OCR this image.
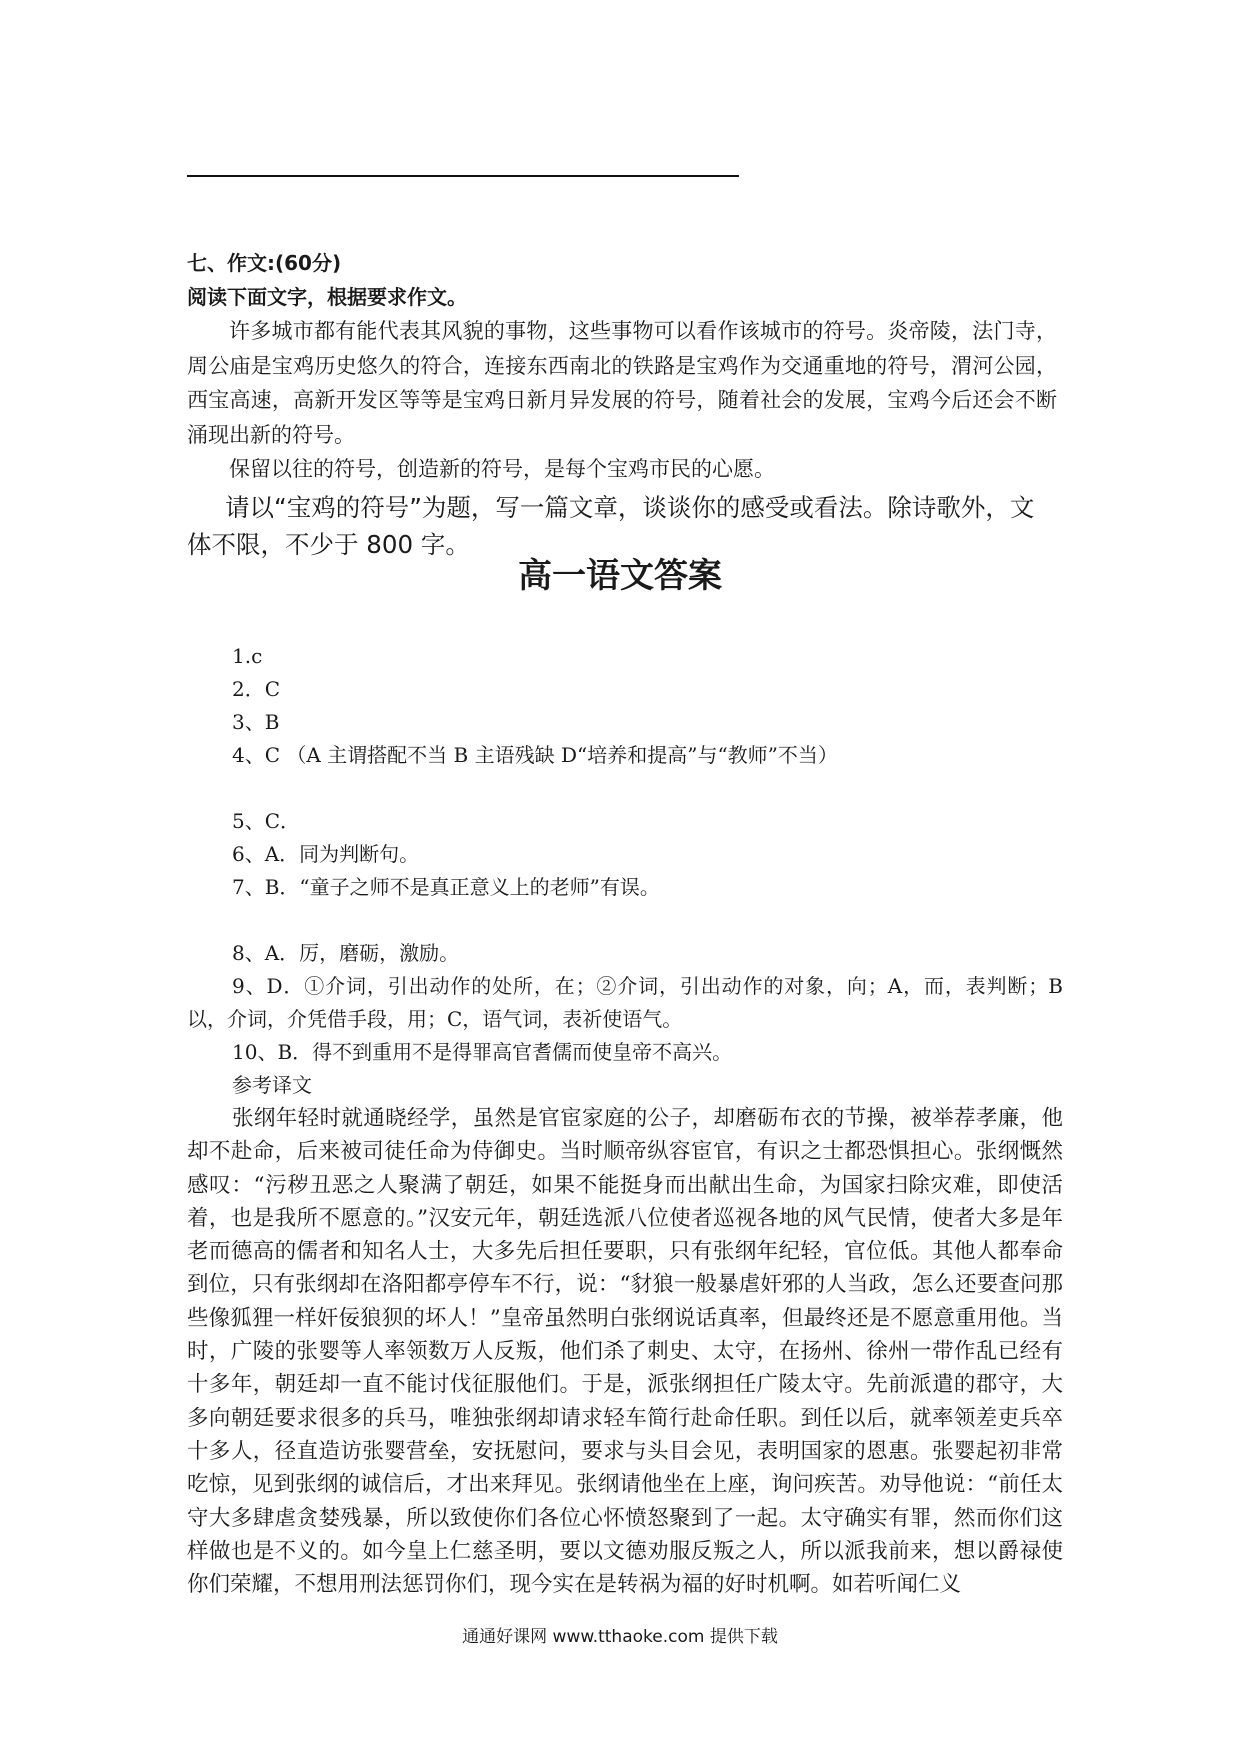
七、作文:(60分)

阅读下面文字，根据要求作文。

许多城市都有能代表其风貌的事物，这些事物可以看作该城市的符号。炎帝陵，法门寺，周公庙是宝鸡历史悠久的符合，连接东西南北的铁路是宝鸡作为交通重地的符号，渭河公园，西宝高速，高新开发区等等是宝鸡日新月异发展的符号，随着社会的发展，宝鸡今后还会不断涌现出新的符号。

保留以往的符号，创造新的符号，是每个宝鸡市民的心愿。

请以“宝鸡的符号”为题，写一篇文章，谈谈你的感受或看法。除诗歌外，文体不限，不少于 800 字。

高一语文答案

1.c

2．C

3、B

4、C （A 主谓搭配不当 B 主语残缺 D“培养和提高”与“教师”不当）

5、C．

6、A．同为判断句。

7、B．“童子之师不是真正意义上的老师”有误。

8、A．厉，磨砺，激励。

9、D．①介词，引出动作的处所，在；②介词，引出动作的对象，向；A，而，表判断；B 以，介词，介凭借手段，用；C，语气词，表祈使语气。

10、B．得不到重用不是得罪高官耆儒而使皇帝不高兴。

参考译文

张纲年轻时就通晓经学，虽然是官宦家庭的公子，却磨砺布衣的节操，被举荐孝廉，他却不赴命，后来被司徒任命为侍御史。当时顺帝纵容宦官，有识之士都恐惧担心。张纲慨然感叹：“污秽丑恶之人聚满了朝廷，如果不能挺身而出献出生命，为国家扫除灾难，即使活着，也是我所不愿意的。”汉安元年，朝廷选派八位使者巡视各地的风气民情，使者大多是年老而德高的儒者和知名人士，大多先后担任要职，只有张纲年纪轻，官位低。其他人都奉命到位，只有张纲却在洛阳都亭停车不行，说：“豺狼一般暴虐奸邪的人当政，怎么还要查问那些像狐狸一样奸佞狼狈的坏人！”皇帝虽然明白张纲说话真率，但最终还是不愿意重用他。当时，广陵的张婴等人率领数万人反叛，他们杀了刺史、太守，在扬州、徐州一带作乱已经有十多年，朝廷却一直不能讨伐征服他们。于是，派张纲担任广陵太守。先前派遣的郡守，大多向朝廷要求很多的兵马，唯独张纲却请求轻车简行赴命任职。到任以后，就率领差吏兵卒十多人，径直造访张婴营垒，安抚慰问，要求与头目会见，表明国家的恩惠。张婴起初非常吃惊，见到张纲的诚信后，才出来拜见。张纲请他坐在上座，询问疾苦。劝导他说：“前任太守大多肆虐贪婪残暴，所以致使你们各位心怀愤怒聚到了一起。太守确实有罪，然而你们这样做也是不义的。如今皇上仁慈圣明，要以文德劝服反叛之人，所以派我前来，想以爵禄使你们荣耀，不想用刑法惩罚你们，现今实在是转祸为福的好时机啊。如若听闻仁义

通通好课网 www.tthaoke.com 提供下载
